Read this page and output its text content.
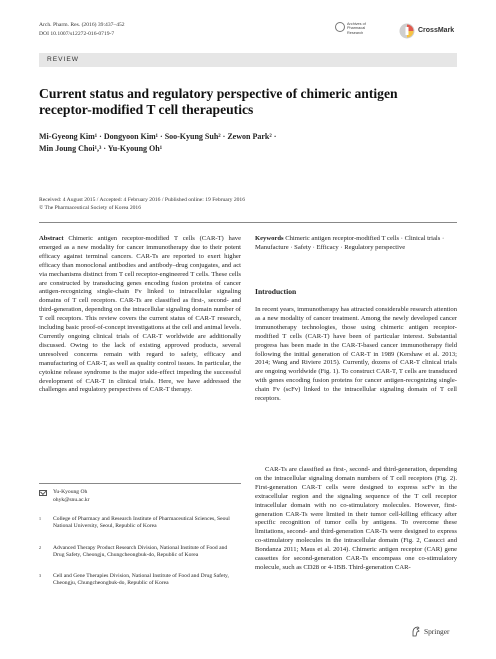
Arch. Pharm. Res. (2016) 39:437–452
DOI 10.1007/s12272-016-0719-7
Archives of
Pharmacal
Research	CrossMark
REVIEW
Current status and regulatory perspective of chimeric antigen receptor-modified T cell therapeutics
Mi-Gyeong Kim¹ · Dongyoon Kim¹ · Soo-Kyung Suh² · Zewon Park² ·
Min Joung Choi¹,³ · Yu-Kyoung Oh¹
Received: 4 August 2015 / Accepted: 4 February 2016 / Published online: 19 February 2016
© The Pharmaceutical Society of Korea 2016
Abstract Chimeric antigen receptor-modified T cells (CAR-T) have emerged as a new modality for cancer immunotherapy due to their potent efficacy against terminal cancers. CAR-Ts are reported to exert higher efficacy than monoclonal antibodies and antibody–drug conjugates, and act via mechanisms distinct from T cell receptor-engineered T cells. These cells are constructed by transducing genes encoding fusion proteins of cancer antigen-recognizing single-chain Fv linked to intracellular signaling domains of T cell receptors. CAR-Ts are classified as first-, second- and third-generation, depending on the intracellular signaling domain number of T cell receptors. This review covers the current status of CAR-T research, including basic proof-of-concept investigations at the cell and animal levels. Currently ongoing clinical trials of CAR-T worldwide are additionally discussed. Owing to the lack of existing approved products, several unresolved concerns remain with regard to safety, efficacy and manufacturing of CAR-T, as well as quality control issues. In particular, the cytokine release syndrome is the major side-effect impeding the successful development of CAR-T in clinical trials. Here, we have addressed the challenges and regulatory perspectives of CAR-T therapy.
Keywords Chimeric antigen receptor-modified T cells · Clinical trials · Manufacture · Safety · Efficacy · Regulatory perspective
Introduction
In recent years, immunotherapy has attracted considerable research attention as a new modality of cancer treatment. Among the newly developed cancer immunotherapy technologies, those using chimeric antigen receptor-modified T cells (CAR-T) have been of particular interest. Substantial progress has been made in the CAR-T-based cancer immunotherapy field following the initial generation of CAR-T in 1989 (Kershaw et al. 2013; 2014; Wang and Riviere 2015). Currently, dozens of CAR-T clinical trials are ongoing worldwide (Fig. 1). To construct CAR-T, T cells are transduced with genes encoding fusion proteins for cancer antigen-recognizing single-chain Fv (scFv) linked to the intracellular signaling domain of T cell receptors.
CAR-Ts are classified as first-, second- and third-generation, depending on the intracellular signaling domain numbers of T cell receptors (Fig. 2). First-generation CAR-T cells were designed to express scFv in the extracellular region and the signaling sequence of the T cell receptor intracellular domain with no co-stimulatory molecules. However, first-generation CAR-Ts were limited in their tumor cell-killing efficacy after specific recognition of tumor cells by antigens. To overcome these limitations, second- and third-generation CAR-Ts were designed to express co-stimulatory molecules in the intracellular domain (Fig. 2, Casucci and Bondanza 2011; Maus et al. 2014). Chimeric antigen receptor (CAR) gene cassettes for second-generation CAR-Ts encompass one co-stimulatory molecule, such as CD28 or 4-1BB. Third-generation CAR-
Yu-Kyoung Oh
ohyk@snu.ac.kr
1 College of Pharmacy and Research Institute of Pharmaceutical Sciences, Seoul National University, Seoul, Republic of Korea
2 Advanced Therapy Product Research Division, National Institute of Food and Drug Safety, Cheongju, Chungcheongbuk-do, Republic of Korea
3 Cell and Gene Therapies Division, National Institute of Food and Drug Safety, Cheongju, Chungcheongbuk-do, Republic of Korea
Springer
